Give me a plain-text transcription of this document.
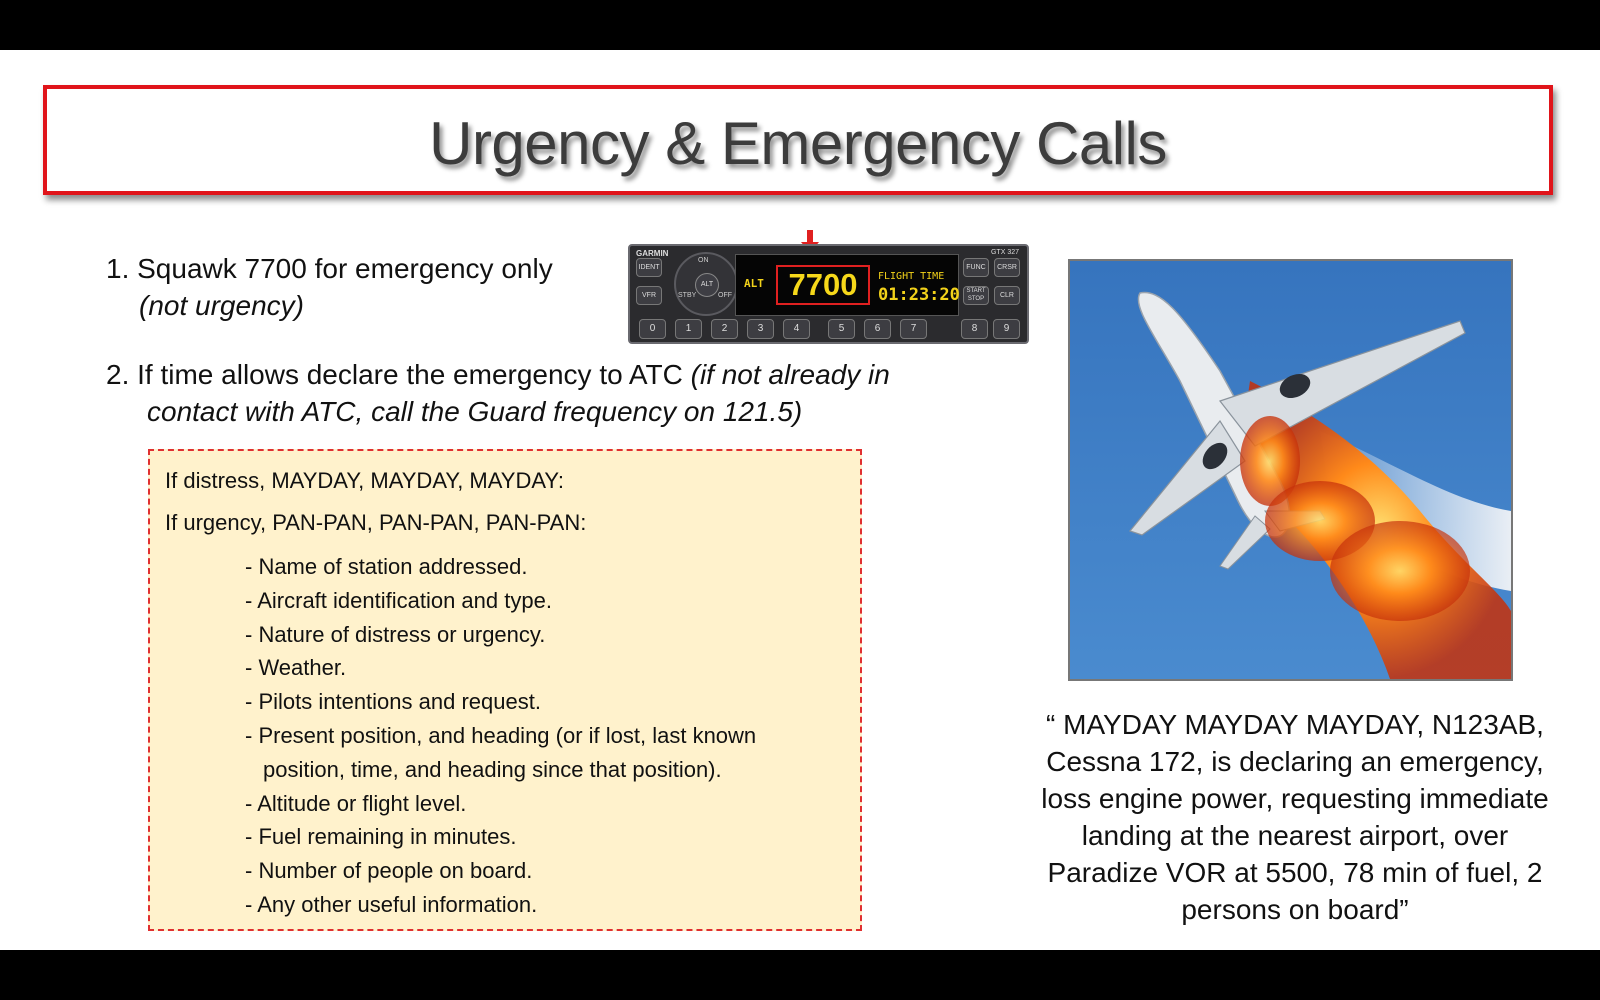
Urgency & Emergency Calls
1. Squawk 7700 for emergency only
(not urgency)
GARMIN	GTX 327
IDENT
VFR
ON
STBY	OFF
ALT	ALT 7700	FLIGHT TIME
01:23:20
FUNC	CRSR
START STOP	CLR
0	1	2	3	4	5	6	7	8	9
2. If time allows declare the emergency to ATC (if not already in
contact with ATC, call the Guard frequency on 121.5)
If distress, MAYDAY, MAYDAY, MAYDAY:
If urgency, PAN-PAN, PAN-PAN, PAN-PAN:
- Name of station addressed.
- Aircraft identification and type.
- Nature of distress or urgency.
- Weather.
- Pilots intentions and request.
- Present position, and heading (or if lost, last known
position, time, and heading since that position).
- Altitude or flight level.
- Fuel remaining in minutes.
- Number of people on board.
- Any other useful information.
“ MAYDAY MAYDAY MAYDAY, N123AB,
Cessna 172, is declaring an emergency,
loss engine power, requesting immediate
landing at the nearest airport, over
Paradize VOR at 5500, 78 min of fuel, 2
persons on board”
